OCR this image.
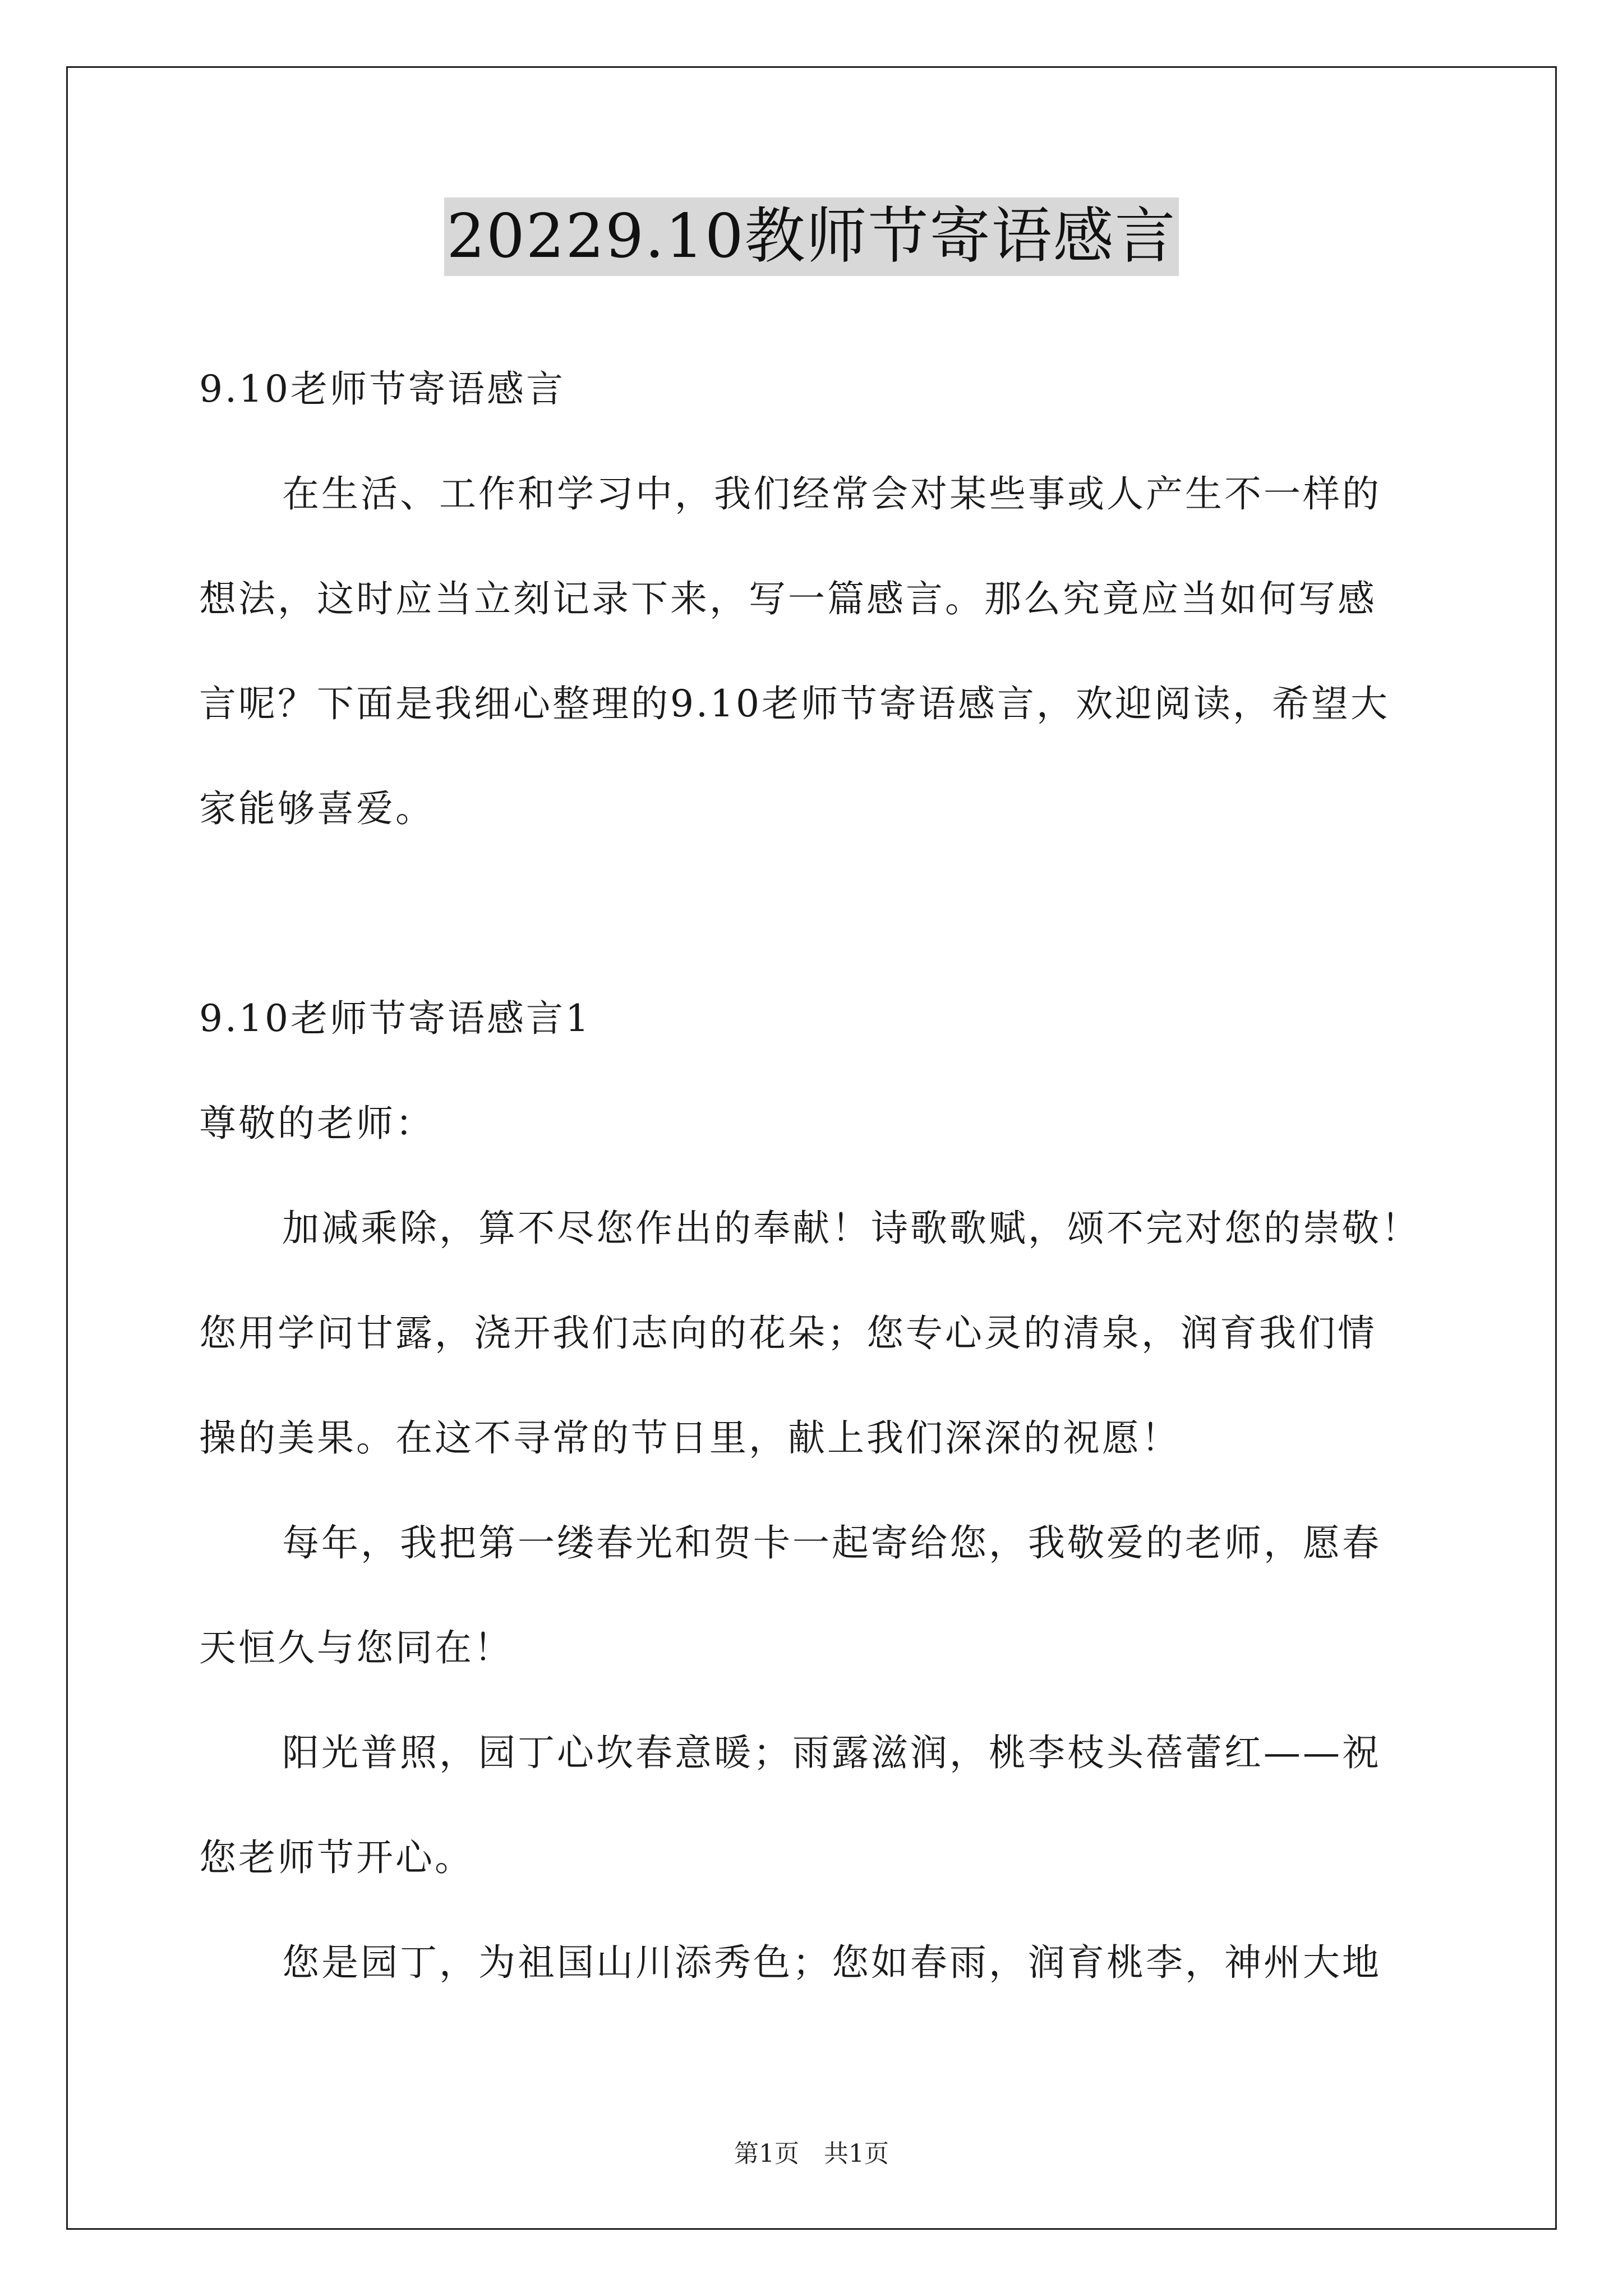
20229.10教师节寄语感言
9.10老师节寄语感言
在生活、工作和学习中，我们经常会对某些事或人产生不一样的
想法，这时应当立刻记录下来，写一篇感言。那么究竟应当如何写感
言呢？下面是我细心整理的9.10老师节寄语感言，欢迎阅读，希望大
家能够喜爱。
9.10老师节寄语感言1
尊敬的老师：
加减乘除，算不尽您作出的奉献！诗歌歌赋，颂不完对您的崇敬！
您用学问甘露，浇开我们志向的花朵；您专心灵的清泉，润育我们情
操的美果。在这不寻常的节日里，献上我们深深的祝愿！
每年，我把第一缕春光和贺卡一起寄给您，我敬爱的老师，愿春
天恒久与您同在！
阳光普照，园丁心坎春意暖；雨露滋润，桃李枝头蓓蕾红——祝
您老师节开心。
您是园丁，为祖国山川添秀色；您如春雨，润育桃李，神州大地
第1页　共1页
